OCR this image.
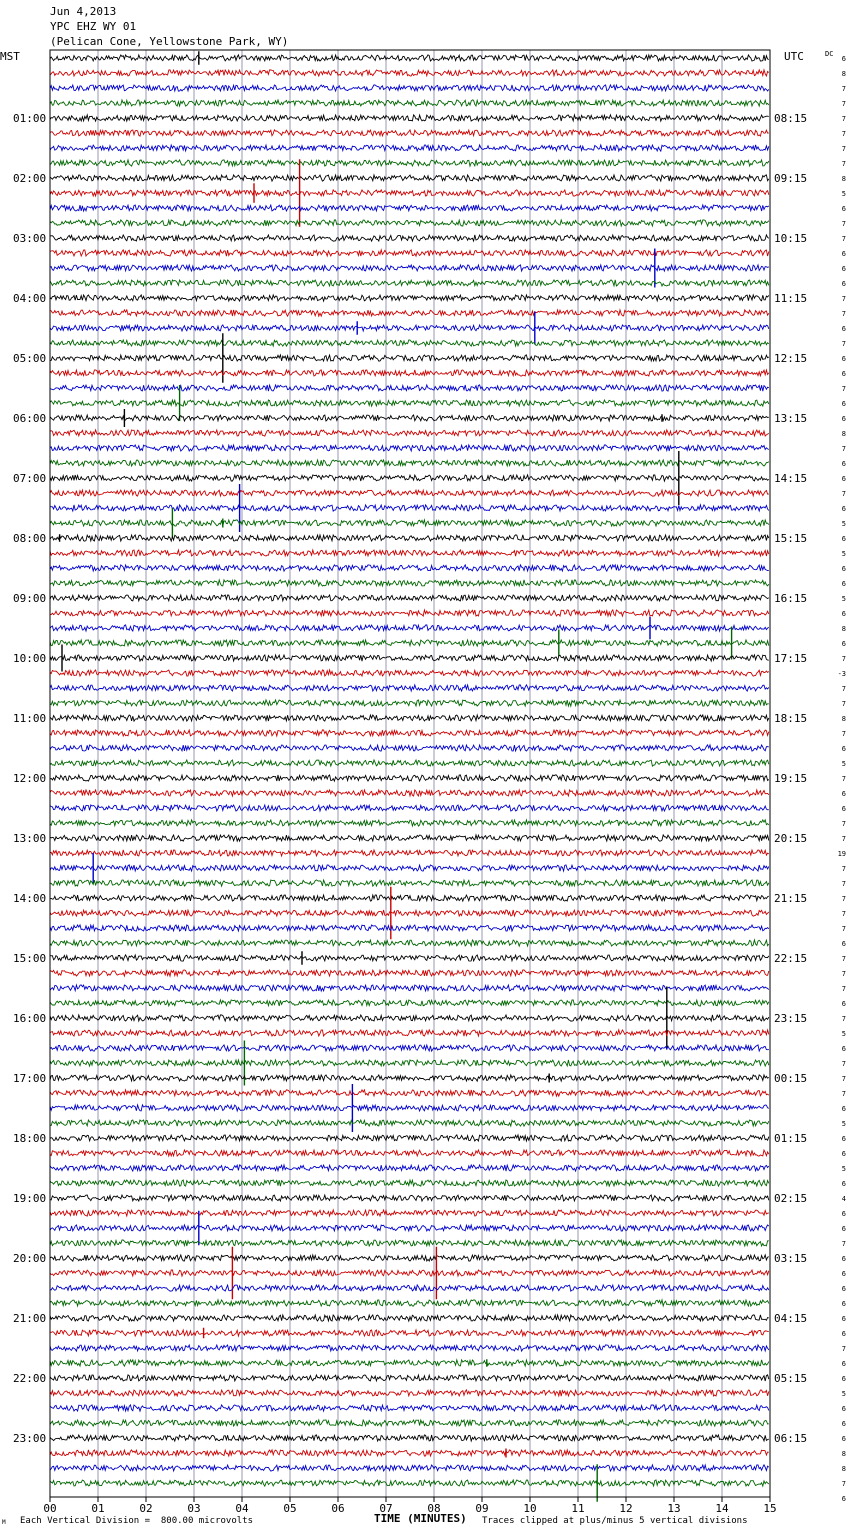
Jun 4,2013
YPC EHZ WY 01
(Pelican Cone, Yellowstone Park, WY)
01:00
02:00
03:00
04:00
05:00
06:00
07:00
08:00
09:00
10:00
11:00
12:00
13:00
14:00
15:00
16:00
17:00
18:00
19:00
20:00
21:00
22:00
23:00
08:15
09:15
10:15
11:15
12:15
13:15
14:15
15:15
16:15
17:15
18:15
19:15
20:15
21:15
22:15
23:15
00:15
01:15
02:15
03:15
04:15
05:15
06:15
6
8
7
7
7
7
7
7
8
5
6
7
7
6
6
6
7
7
6
7
6
6
7
6
6
8
7
6
6
7
6
5
6
5
6
6
5
6
8
6
7
-3
7
7
8
7
6
5
7
6
6
7
7
19
7
7
7
7
7
6
7
7
7
6
7
5
6
7
7
7
6
5
6
6
5
6
4
6
6
7
6
6
6
6
6
6
7
6
6
5
6
6
6
8
8
7
6
00	01	02	03	04	05	06	07	08	09	10	11	12	13	14	15
MST	UTC	DC
M	TIME (MINUTES)
Each Vertical Division =  800.00 microvolts	Traces clipped at plus/minus 5 vertical divisions
